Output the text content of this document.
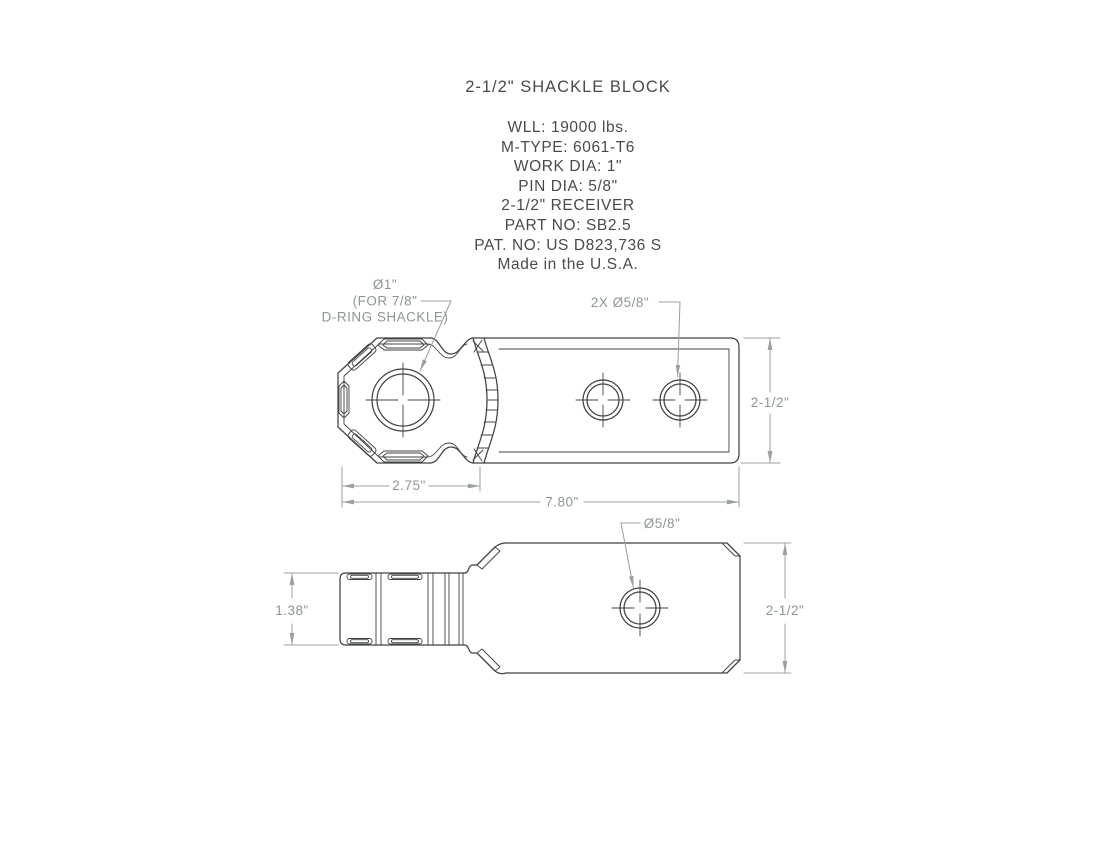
2-1/2" SHACKLE BLOCK
WLL: 19000 lbs.
M-TYPE: 6061-T6
WORK DIA: 1"
PIN DIA: 5/8"
2-1/2" RECEIVER
PART NO: SB2.5
PAT. NO: US D823,736 S
Made in the U.S.A.
Ø1"
(FOR 7/8"
D-RING SHACKLE)
2X Ø5/8"
2.75"
7.80"
2-1/2"
Ø5/8"
1.38"	2-1/2"
